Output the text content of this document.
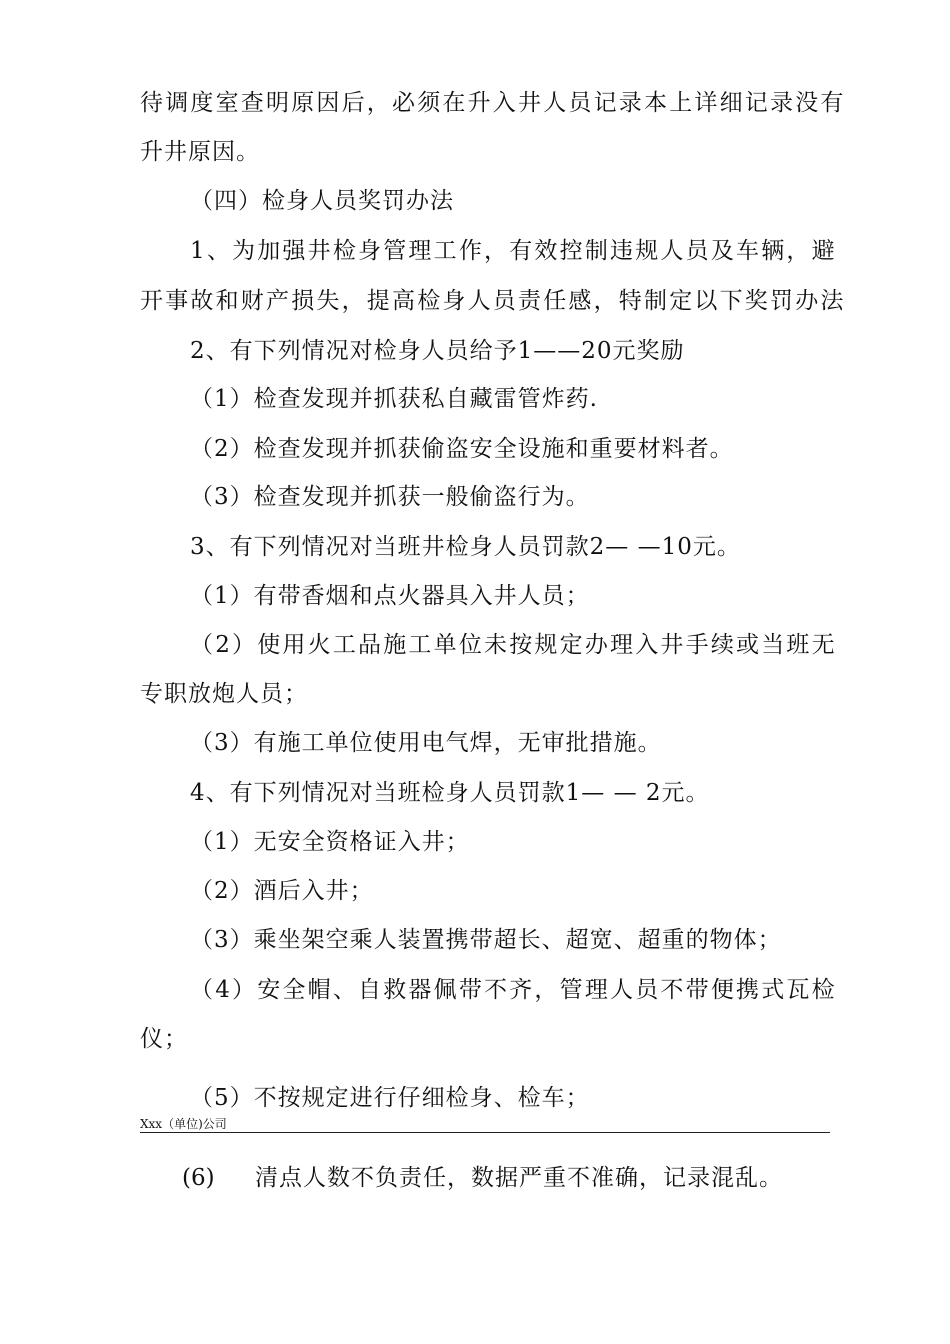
待调度室查明原因后，必须在升入井人员记录本上详细记录没有
升井原因。
（四）检身人员奖罚办法
1、为加强井检身管理工作，有效控制违规人员及车辆，避
开事故和财产损失，提高检身人员责任感，特制定以下奖罚办法
2、有下列情况对检身人员给予1——20元奖励
（1）检查发现并抓获私自藏雷管炸药.
（2）检查发现并抓获偷盗安全设施和重要材料者。
（3）检查发现并抓获一般偷盗行为。
3、有下列情况对当班井检身人员罚款2— —10元。
（1）有带香烟和点火器具入井人员；
（2）使用火工品施工单位未按规定办理入井手续或当班无
专职放炮人员；
（3）有施工单位使用电气焊，无审批措施。
4、有下列情况对当班检身人员罚款1— — 2元。
（1）无安全资格证入井；
（2）酒后入井；
（3）乘坐架空乘人装置携带超长、超宽、超重的物体；
（4）安全帽、自救器佩带不齐，管理人员不带便携式瓦检
仪；
（5）不按规定进行仔细检身、检车；
Xxx（单位)公司
(6) 清点人数不负责任，数据严重不准确，记录混乱。
